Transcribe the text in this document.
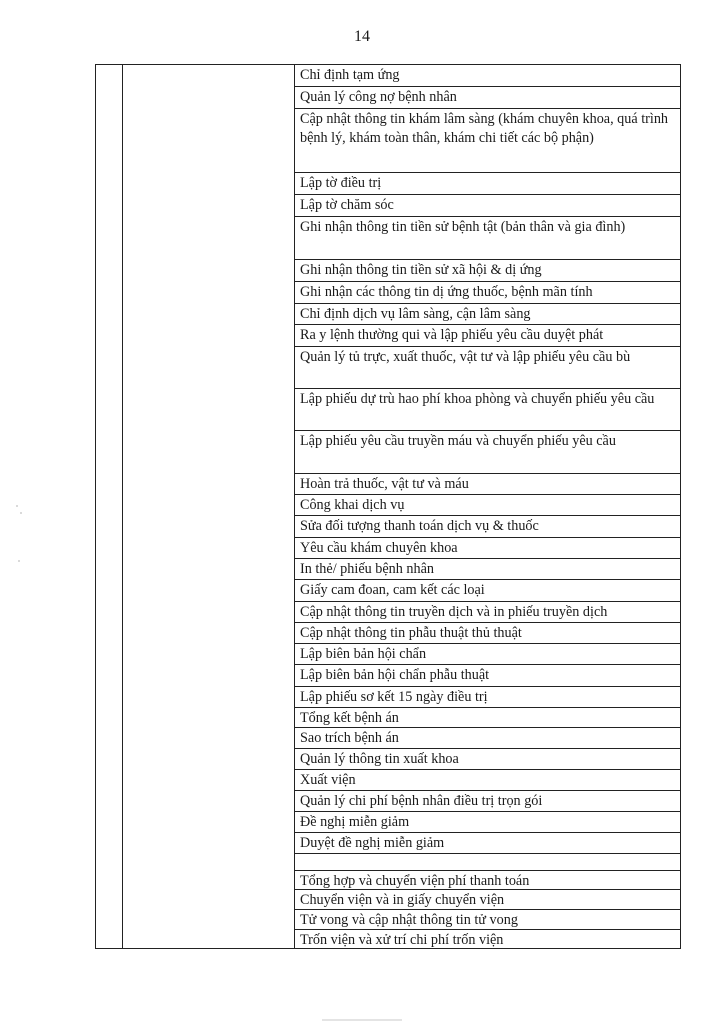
14
Chỉ định tạm ứng
Quản lý công nợ bệnh nhân
Cập nhật thông tin khám lâm sàng (khám chuyên khoa, quá trình bệnh lý, khám toàn thân, khám chi tiết các bộ phận)
Lập tờ điều trị
Lập tờ chăm sóc
Ghi nhận thông tin tiền sử bệnh tật (bản thân và gia đình)
Ghi nhận thông tin tiền sử xã hội & dị ứng
Ghi nhận các thông tin dị ứng thuốc, bệnh mãn tính
Chỉ định dịch vụ lâm sàng, cận lâm sàng
Ra y lệnh thường qui và lập phiếu yêu cầu duyệt phát
Quản lý tủ trực, xuất thuốc, vật tư và lập phiếu yêu cầu bù
Lập phiếu dự trù hao phí khoa phòng và chuyển phiếu yêu cầu
Lập phiếu yêu cầu truyền máu và chuyển phiếu yêu cầu
Hoàn trả thuốc, vật tư và máu
Công khai dịch vụ
Sửa đối tượng thanh toán dịch vụ & thuốc
Yêu cầu khám chuyên khoa
In thẻ/ phiếu bệnh nhân
Giấy cam đoan, cam kết các loại
Cập nhật thông tin truyền dịch và in phiếu truyền dịch
Cập nhật thông tin phẫu thuật thủ thuật
Lập biên bản hội chẩn
Lập biên bản hội chẩn phẫu thuật
Lập phiếu sơ kết 15 ngày điều trị
Tổng kết bệnh án
Sao trích bệnh án
Quản lý thông tin xuất khoa
Xuất viện
Quản lý chi phí bệnh nhân điều trị trọn gói
Đề nghị miễn giảm
Duyệt đề nghị miễn giảm
Tổng hợp và chuyển viện phí thanh toán
Chuyển viện và in giấy chuyển viện
Tử vong và cập nhật thông tin tử vong
Trốn viện và xử trí chi phí trốn viện
